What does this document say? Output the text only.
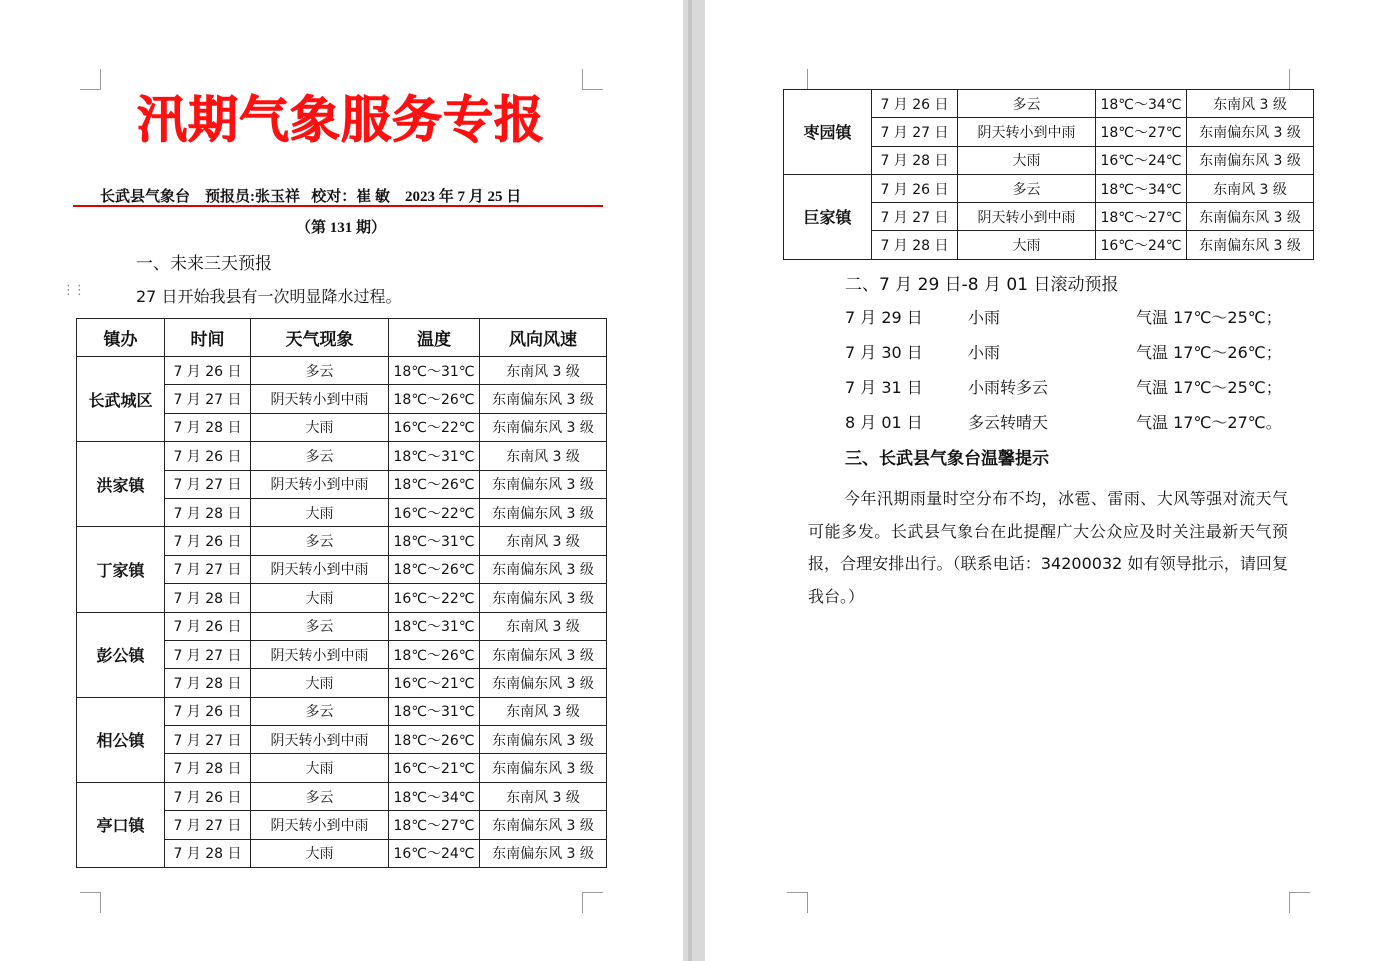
汛期气象服务专报
长武县气象台 预报员:张玉祥 校对：崔 敏 2023 年 7 月 25 日
（第 131 期）
一、未来三天预报
⋮⋮	27 日开始我县有一次明显降水过程。
镇办	时间	天气现象	温度	风向风速
长武城区	7 月 26 日	多云	18℃～31℃	东南风 3 级
	7 月 27 日	阴天转小到中雨	18℃～26℃	东南偏东风 3 级
	7 月 28 日	大雨	16℃～22℃	东南偏东风 3 级
洪家镇	7 月 26 日	多云	18℃～31℃	东南风 3 级
	7 月 27 日	阴天转小到中雨	18℃～26℃	东南偏东风 3 级
	7 月 28 日	大雨	16℃～22℃	东南偏东风 3 级
丁家镇	7 月 26 日	多云	18℃～31℃	东南风 3 级
	7 月 27 日	阴天转小到中雨	18℃～26℃	东南偏东风 3 级
	7 月 28 日	大雨	16℃～22℃	东南偏东风 3 级
彭公镇	7 月 26 日	多云	18℃～31℃	东南风 3 级
	7 月 27 日	阴天转小到中雨	18℃～26℃	东南偏东风 3 级
	7 月 28 日	大雨	16℃～21℃	东南偏东风 3 级
相公镇	7 月 26 日	多云	18℃～31℃	东南风 3 级
	7 月 27 日	阴天转小到中雨	18℃～26℃	东南偏东风 3 级
	7 月 28 日	大雨	16℃～21℃	东南偏东风 3 级
亭口镇	7 月 26 日	多云	18℃～34℃	东南风 3 级
	7 月 27 日	阴天转小到中雨	18℃～27℃	东南偏东风 3 级
	7 月 28 日	大雨	16℃～24℃	东南偏东风 3 级
枣园镇	7 月 26 日	多云	18℃～34℃	东南风 3 级
	7 月 27 日	阴天转小到中雨	18℃～27℃	东南偏东风 3 级
	7 月 28 日	大雨	16℃～24℃	东南偏东风 3 级
巨家镇	7 月 26 日	多云	18℃～34℃	东南风 3 级
	7 月 27 日	阴天转小到中雨	18℃～27℃	东南偏东风 3 级
	7 月 28 日	大雨	16℃～24℃	东南偏东风 3 级
二、7 月 29 日-8 月 01 日滚动预报
7 月 29 日	小雨	气温 17℃～25℃；
7 月 30 日	小雨	气温 17℃～26℃；
7 月 31 日	小雨转多云	气温 17℃～25℃；
8 月 01 日	多云转晴天	气温 17℃～27℃。
三、长武县气象台温馨提示
今年汛期雨量时空分布不均，冰雹、雷雨、大风等强对流天气可能多发。长武县气象台在此提醒广大公众应及时关注最新天气预报，合理安排出行。（联系电话：34200032 如有领导批示，请回复我台。）
